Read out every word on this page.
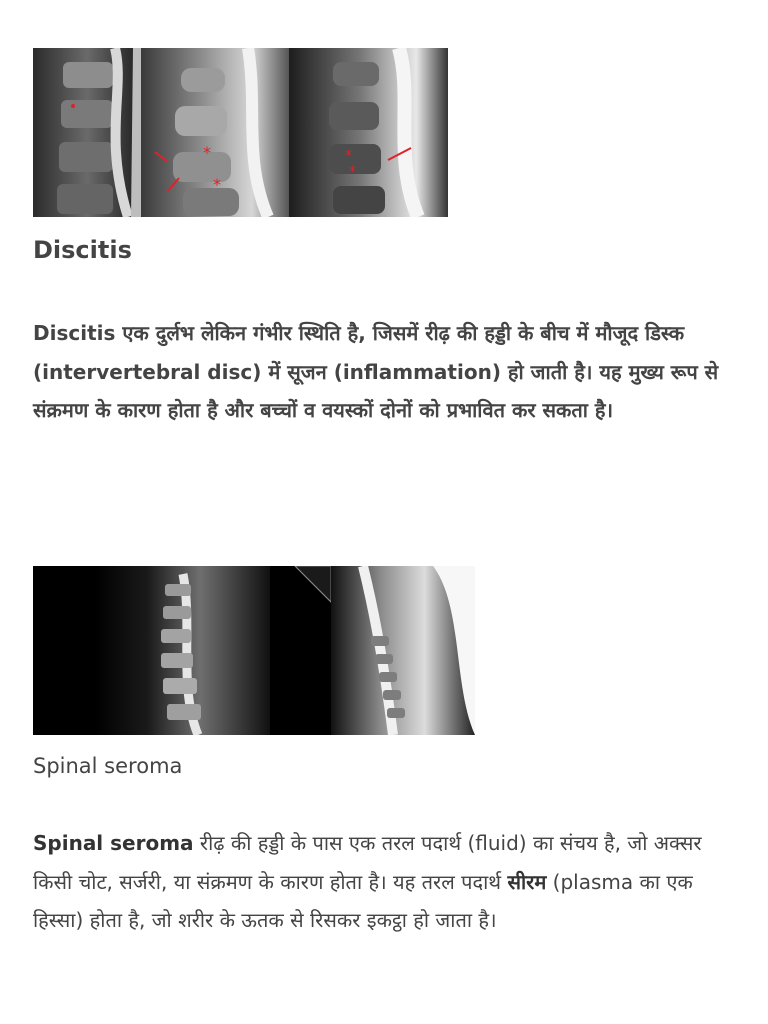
*
*
*
*
Discitis

Discitis एक दुर्लभ लेकिन गंभीर स्थिति है, जिसमें रीढ़ की हड्डी के बीच में मौजूद डिस्क (intervertebral disc) में सूजन (inflammation) हो जाती है। यह मुख्य रूप से संक्रमण के कारण होता है और बच्चों व वयस्कों दोनों को प्रभावित कर सकता है।

Spinal seroma

Spinal seroma रीढ़ की हड्डी के पास एक तरल पदार्थ (fluid) का संचय है, जो अक्सर किसी चोट, सर्जरी, या संक्रमण के कारण होता है। यह तरल पदार्थ सीरम (plasma का एक हिस्सा) होता है, जो शरीर के ऊतक से रिसकर इकट्ठा हो जाता है।
